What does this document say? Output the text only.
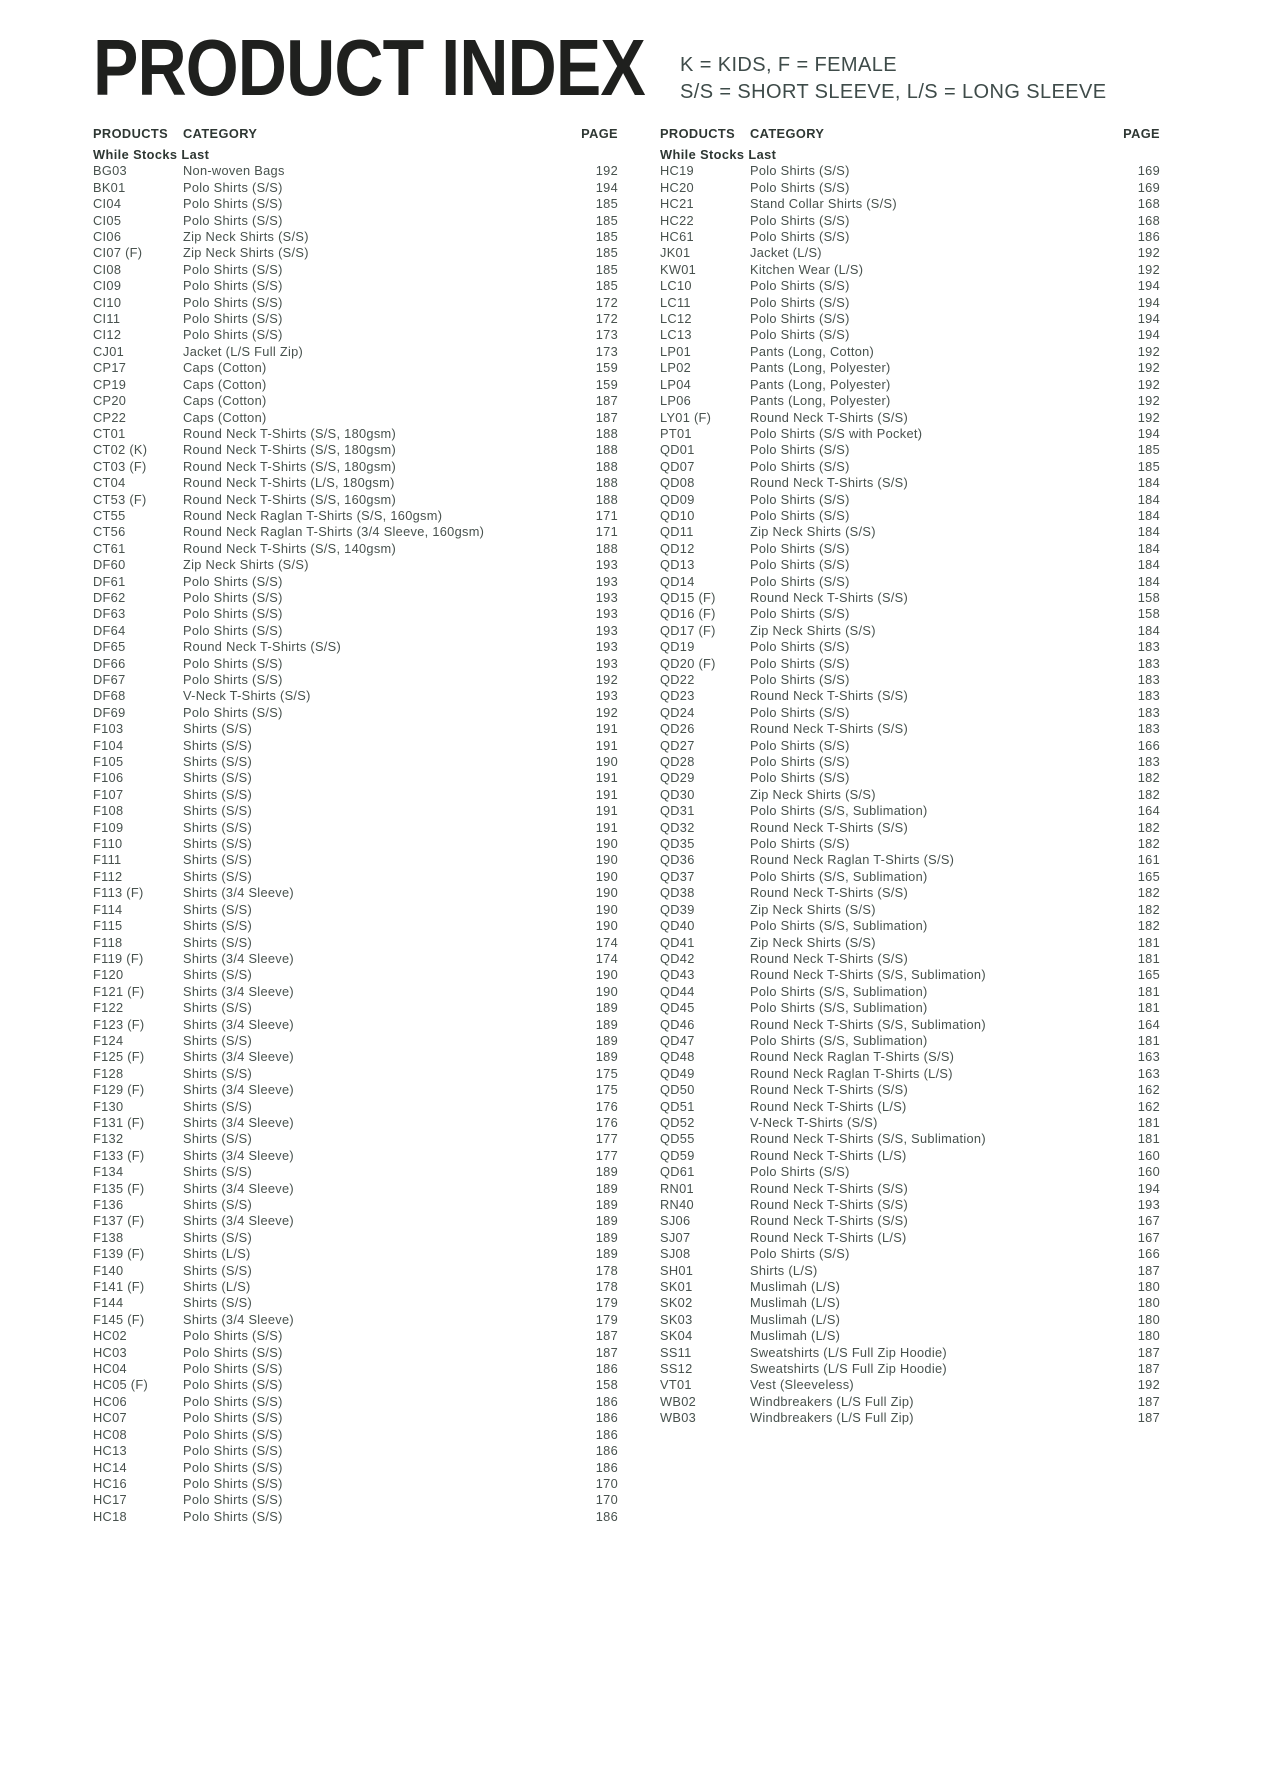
PRODUCT INDEX K = KIDS, F = FEMALE
S/S = SHORT SLEEVE, L/S = LONG SLEEVE
PRODUCTS	CATEGORY	PAGE
While Stocks Last
BG03	Non-woven Bags	192
BK01	Polo Shirts (S/S)	194
CI04	Polo Shirts (S/S)	185
CI05	Polo Shirts (S/S)	185
CI06	Zip Neck Shirts (S/S)	185
CI07 (F)	Zip Neck Shirts (S/S)	185
CI08	Polo Shirts (S/S)	185
CI09	Polo Shirts (S/S)	185
CI10	Polo Shirts (S/S)	172
CI11	Polo Shirts (S/S)	172
CI12	Polo Shirts (S/S)	173
CJ01	Jacket (L/S Full Zip)	173
CP17	Caps (Cotton)	159
CP19	Caps (Cotton)	159
CP20	Caps (Cotton)	187
CP22	Caps (Cotton)	187
CT01	Round Neck T-Shirts (S/S, 180gsm)	188
CT02 (K)	Round Neck T-Shirts (S/S, 180gsm)	188
CT03 (F)	Round Neck T-Shirts (S/S, 180gsm)	188
CT04	Round Neck T-Shirts (L/S, 180gsm)	188
CT53 (F)	Round Neck T-Shirts (S/S, 160gsm)	188
CT55	Round Neck Raglan T-Shirts (S/S, 160gsm)	171
CT56	Round Neck Raglan T-Shirts (3/4 Sleeve, 160gsm)	171
CT61	Round Neck T-Shirts (S/S, 140gsm)	188
DF60	Zip Neck Shirts (S/S)	193
DF61	Polo Shirts (S/S)	193
DF62	Polo Shirts (S/S)	193
DF63	Polo Shirts (S/S)	193
DF64	Polo Shirts (S/S)	193
DF65	Round Neck T-Shirts (S/S)	193
DF66	Polo Shirts (S/S)	193
DF67	Polo Shirts (S/S)	192
DF68	V-Neck T-Shirts (S/S)	193
DF69	Polo Shirts (S/S)	192
F103	Shirts (S/S)	191
F104	Shirts (S/S)	191
F105	Shirts (S/S)	190
F106	Shirts (S/S)	191
F107	Shirts (S/S)	191
F108	Shirts (S/S)	191
F109	Shirts (S/S)	191
F110	Shirts (S/S)	190
F111	Shirts (S/S)	190
F112	Shirts (S/S)	190
F113 (F)	Shirts (3/4 Sleeve)	190
F114	Shirts (S/S)	190
F115	Shirts (S/S)	190
F118	Shirts (S/S)	174
F119 (F)	Shirts (3/4 Sleeve)	174
F120	Shirts (S/S)	190
F121 (F)	Shirts (3/4 Sleeve)	190
F122	Shirts (S/S)	189
F123 (F)	Shirts (3/4 Sleeve)	189
F124	Shirts (S/S)	189
F125 (F)	Shirts (3/4 Sleeve)	189
F128	Shirts (S/S)	175
F129 (F)	Shirts (3/4 Sleeve)	175
F130	Shirts (S/S)	176
F131 (F)	Shirts (3/4 Sleeve)	176
F132	Shirts (S/S)	177
F133 (F)	Shirts (3/4 Sleeve)	177
F134	Shirts (S/S)	189
F135 (F)	Shirts (3/4 Sleeve)	189
F136	Shirts (S/S)	189
F137 (F)	Shirts (3/4 Sleeve)	189
F138	Shirts (S/S)	189
F139 (F)	Shirts (L/S)	189
F140	Shirts (S/S)	178
F141 (F)	Shirts (L/S)	178
F144	Shirts (S/S)	179
F145 (F)	Shirts (3/4 Sleeve)	179
HC02	Polo Shirts (S/S)	187
HC03	Polo Shirts (S/S)	187
HC04	Polo Shirts (S/S)	186
HC05 (F)	Polo Shirts (S/S)	158
HC06	Polo Shirts (S/S)	186
HC07	Polo Shirts (S/S)	186
HC08	Polo Shirts (S/S)	186
HC13	Polo Shirts (S/S)	186
HC14	Polo Shirts (S/S)	186
HC16	Polo Shirts (S/S)	170
HC17	Polo Shirts (S/S)	170
HC18	Polo Shirts (S/S)	186
PRODUCTS	CATEGORY	PAGE
While Stocks Last
HC19	Polo Shirts (S/S)	169
HC20	Polo Shirts (S/S)	169
HC21	Stand Collar Shirts (S/S)	168
HC22	Polo Shirts (S/S)	168
HC61	Polo Shirts (S/S)	186
JK01	Jacket (L/S)	192
KW01	Kitchen Wear (L/S)	192
LC10	Polo Shirts (S/S)	194
LC11	Polo Shirts (S/S)	194
LC12	Polo Shirts (S/S)	194
LC13	Polo Shirts (S/S)	194
LP01	Pants (Long, Cotton)	192
LP02	Pants (Long, Polyester)	192
LP04	Pants (Long, Polyester)	192
LP06	Pants (Long, Polyester)	192
LY01 (F)	Round Neck T-Shirts (S/S)	192
PT01	Polo Shirts (S/S with Pocket)	194
QD01	Polo Shirts (S/S)	185
QD07	Polo Shirts (S/S)	185
QD08	Round Neck T-Shirts (S/S)	184
QD09	Polo Shirts (S/S)	184
QD10	Polo Shirts (S/S)	184
QD11	Zip Neck Shirts (S/S)	184
QD12	Polo Shirts (S/S)	184
QD13	Polo Shirts (S/S)	184
QD14	Polo Shirts (S/S)	184
QD15 (F)	Round Neck T-Shirts (S/S)	158
QD16 (F)	Polo Shirts (S/S)	158
QD17 (F)	Zip Neck Shirts (S/S)	184
QD19	Polo Shirts (S/S)	183
QD20 (F)	Polo Shirts (S/S)	183
QD22	Polo Shirts (S/S)	183
QD23	Round Neck T-Shirts (S/S)	183
QD24	Polo Shirts (S/S)	183
QD26	Round Neck T-Shirts (S/S)	183
QD27	Polo Shirts (S/S)	166
QD28	Polo Shirts (S/S)	183
QD29	Polo Shirts (S/S)	182
QD30	Zip Neck Shirts (S/S)	182
QD31	Polo Shirts (S/S, Sublimation)	164
QD32	Round Neck T-Shirts (S/S)	182
QD35	Polo Shirts (S/S)	182
QD36	Round Neck Raglan T-Shirts (S/S)	161
QD37	Polo Shirts (S/S, Sublimation)	165
QD38	Round Neck T-Shirts (S/S)	182
QD39	Zip Neck Shirts (S/S)	182
QD40	Polo Shirts (S/S, Sublimation)	182
QD41	Zip Neck Shirts (S/S)	181
QD42	Round Neck T-Shirts (S/S)	181
QD43	Round Neck T-Shirts (S/S, Sublimation)	165
QD44	Polo Shirts (S/S, Sublimation)	181
QD45	Polo Shirts (S/S, Sublimation)	181
QD46	Round Neck T-Shirts (S/S, Sublimation)	164
QD47	Polo Shirts (S/S, Sublimation)	181
QD48	Round Neck Raglan T-Shirts (S/S)	163
QD49	Round Neck Raglan T-Shirts (L/S)	163
QD50	Round Neck T-Shirts (S/S)	162
QD51	Round Neck T-Shirts (L/S)	162
QD52	V-Neck T-Shirts (S/S)	181
QD55	Round Neck T-Shirts (S/S, Sublimation)	181
QD59	Round Neck T-Shirts (L/S)	160
QD61	Polo Shirts (S/S)	160
RN01	Round Neck T-Shirts (S/S)	194
RN40	Round Neck T-Shirts (S/S)	193
SJ06	Round Neck T-Shirts (S/S)	167
SJ07	Round Neck T-Shirts (L/S)	167
SJ08	Polo Shirts (S/S)	166
SH01	Shirts (L/S)	187
SK01	Muslimah (L/S)	180
SK02	Muslimah (L/S)	180
SK03	Muslimah (L/S)	180
SK04	Muslimah (L/S)	180
SS11	Sweatshirts (L/S Full Zip Hoodie)	187
SS12	Sweatshirts (L/S Full Zip Hoodie)	187
VT01	Vest (Sleeveless)	192
WB02	Windbreakers (L/S Full Zip)	187
WB03	Windbreakers (L/S Full Zip)	187
